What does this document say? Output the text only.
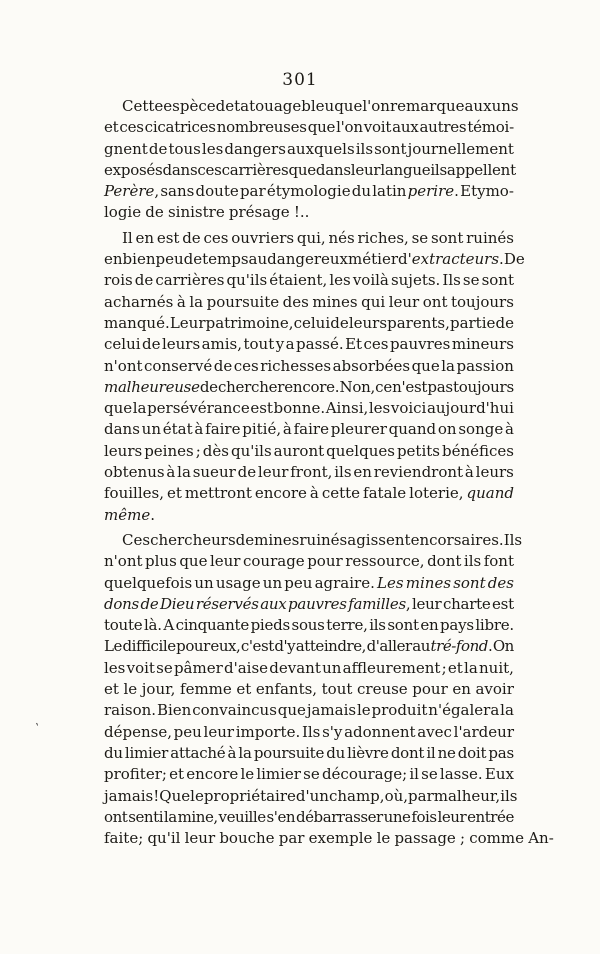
301
ˏ
Cette espèce de tatouage bleu que l'on remarque aux uns
et ces cicatrices nombreuses que l'on voit aux autres témoi-
gnent de tous les dangers auxquels ils sont journellement
exposés dans ces carrières que dans leur langue ils appellent
Perère, sans doute par étymologie du latin perire. Etymo-
logie de sinistre présage !..
Il en est de ces ouvriers qui, nés riches, se sont ruinés
en bien peu de temps au dangereux métier d'extracteurs. De
rois de carrières qu'ils étaient, les voilà sujets. Ils se sont
acharnés à la poursuite des mines qui leur ont toujours
manqué. Leur patrimoine, celui de leurs parents, partie de
celui de leurs amis, tout y a passé. Et ces pauvres mineurs
n'ont conservé de ces richesses absorbées que la passion
malheureuse de chercher encore. Non, ce n'est pas toujours
que la persévérance est bonne. Ainsi, les voici aujourd'hui
dans un état à faire pitié, à faire pleurer quand on songe à
leurs peines ; dès qu'ils auront quelques petits bénéfices
obtenus à la sueur de leur front, ils en reviendront à leurs
fouilles, et mettront encore à cette fatale loterie, quand
même.
Ces chercheurs de mines ruinés agissent en corsaires. Ils
n'ont plus que leur courage pour ressource, dont ils font
quelquefois un usage un peu agraire. Les mines sont des
dons de Dieu réservés aux pauvres familles, leur charte est
toute là. A cinquante pieds sous terre, ils sont en pays libre.
Le difficile pour eux, c'est d'y atteindre, d'aller au tré-fond. On
les voit se pâmer d'aise devant un affleurement ; et la nuit,
et le jour, femme et enfants, tout creuse pour en avoir
raison. Bien convaincus que jamais le produit n'égalera la
dépense, peu leur importe. Ils s'y adonnent avec l'ardeur
du limier attaché à la poursuite du lièvre dont il ne doit pas
profiter; et encore le limier se décourage; il se lasse. Eux
jamais! Que le propriétaire d'un champ, où, par malheur, ils
ont senti la mine, veuille s'en débarrasser une fois leur entrée
faite; qu'il leur bouche par exemple le passage ; comme An-
